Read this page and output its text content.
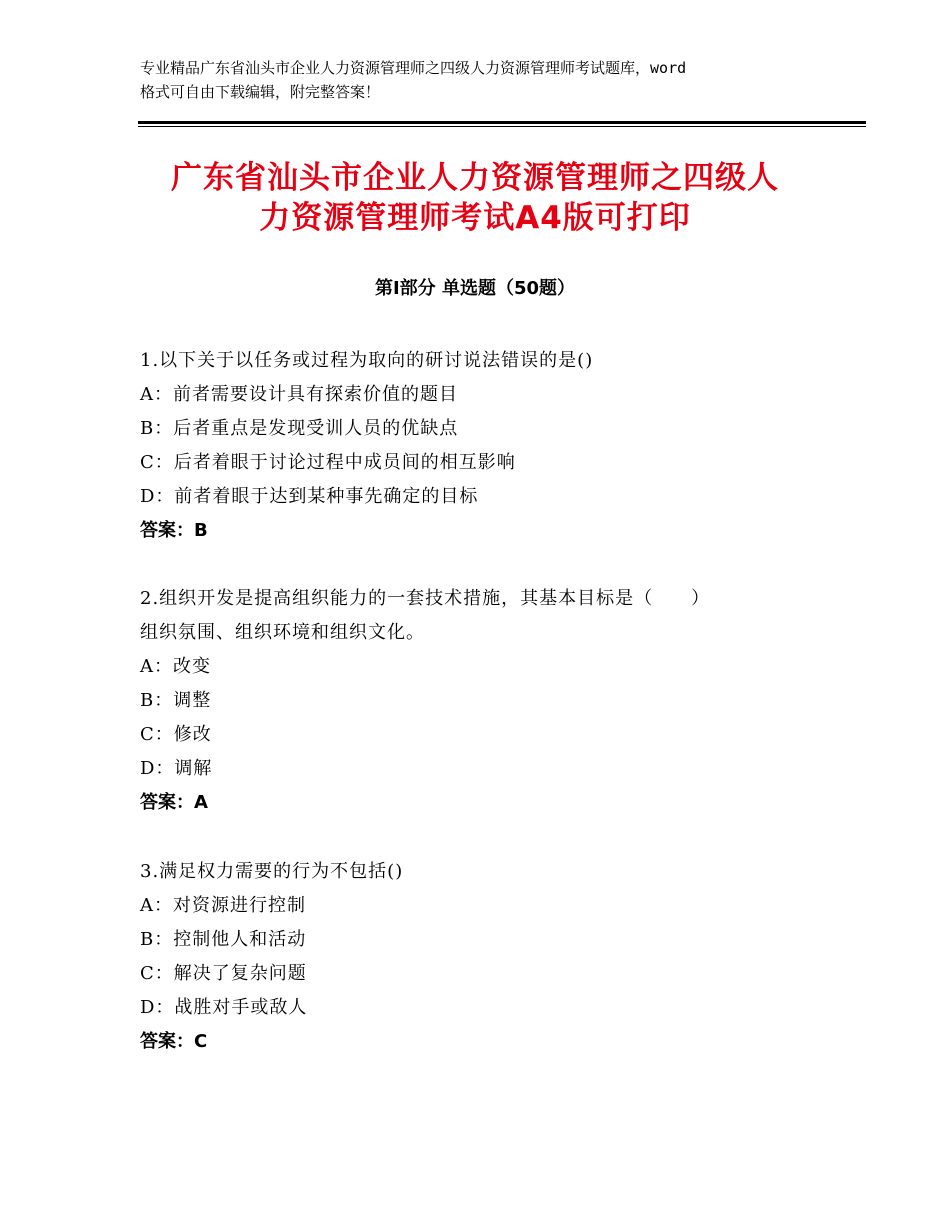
专业精品广东省汕头市企业人力资源管理师之四级人力资源管理师考试题库，word
格式可自由下载编辑，附完整答案！
广东省汕头市企业人力资源管理师之四级人
力资源管理师考试A4版可打印
第Ⅰ部分 单选题（50题）
1.以下关于以任务或过程为取向的研讨说法错误的是()
A：前者需要设计具有探索价值的题目
B：后者重点是发现受训人员的优缺点
C：后者着眼于讨论过程中成员间的相互影响
D：前者着眼于达到某种事先确定的目标
答案：B
2.组织开发是提高组织能力的一套技术措施，其基本目标是（　　）
组织氛围、组织环境和组织文化。
A：改变
B：调整
C：修改
D：调解
答案：A
3.满足权力需要的行为不包括()
A：对资源进行控制
B：控制他人和活动
C：解决了复杂问题
D：战胜对手或敌人
答案：C
